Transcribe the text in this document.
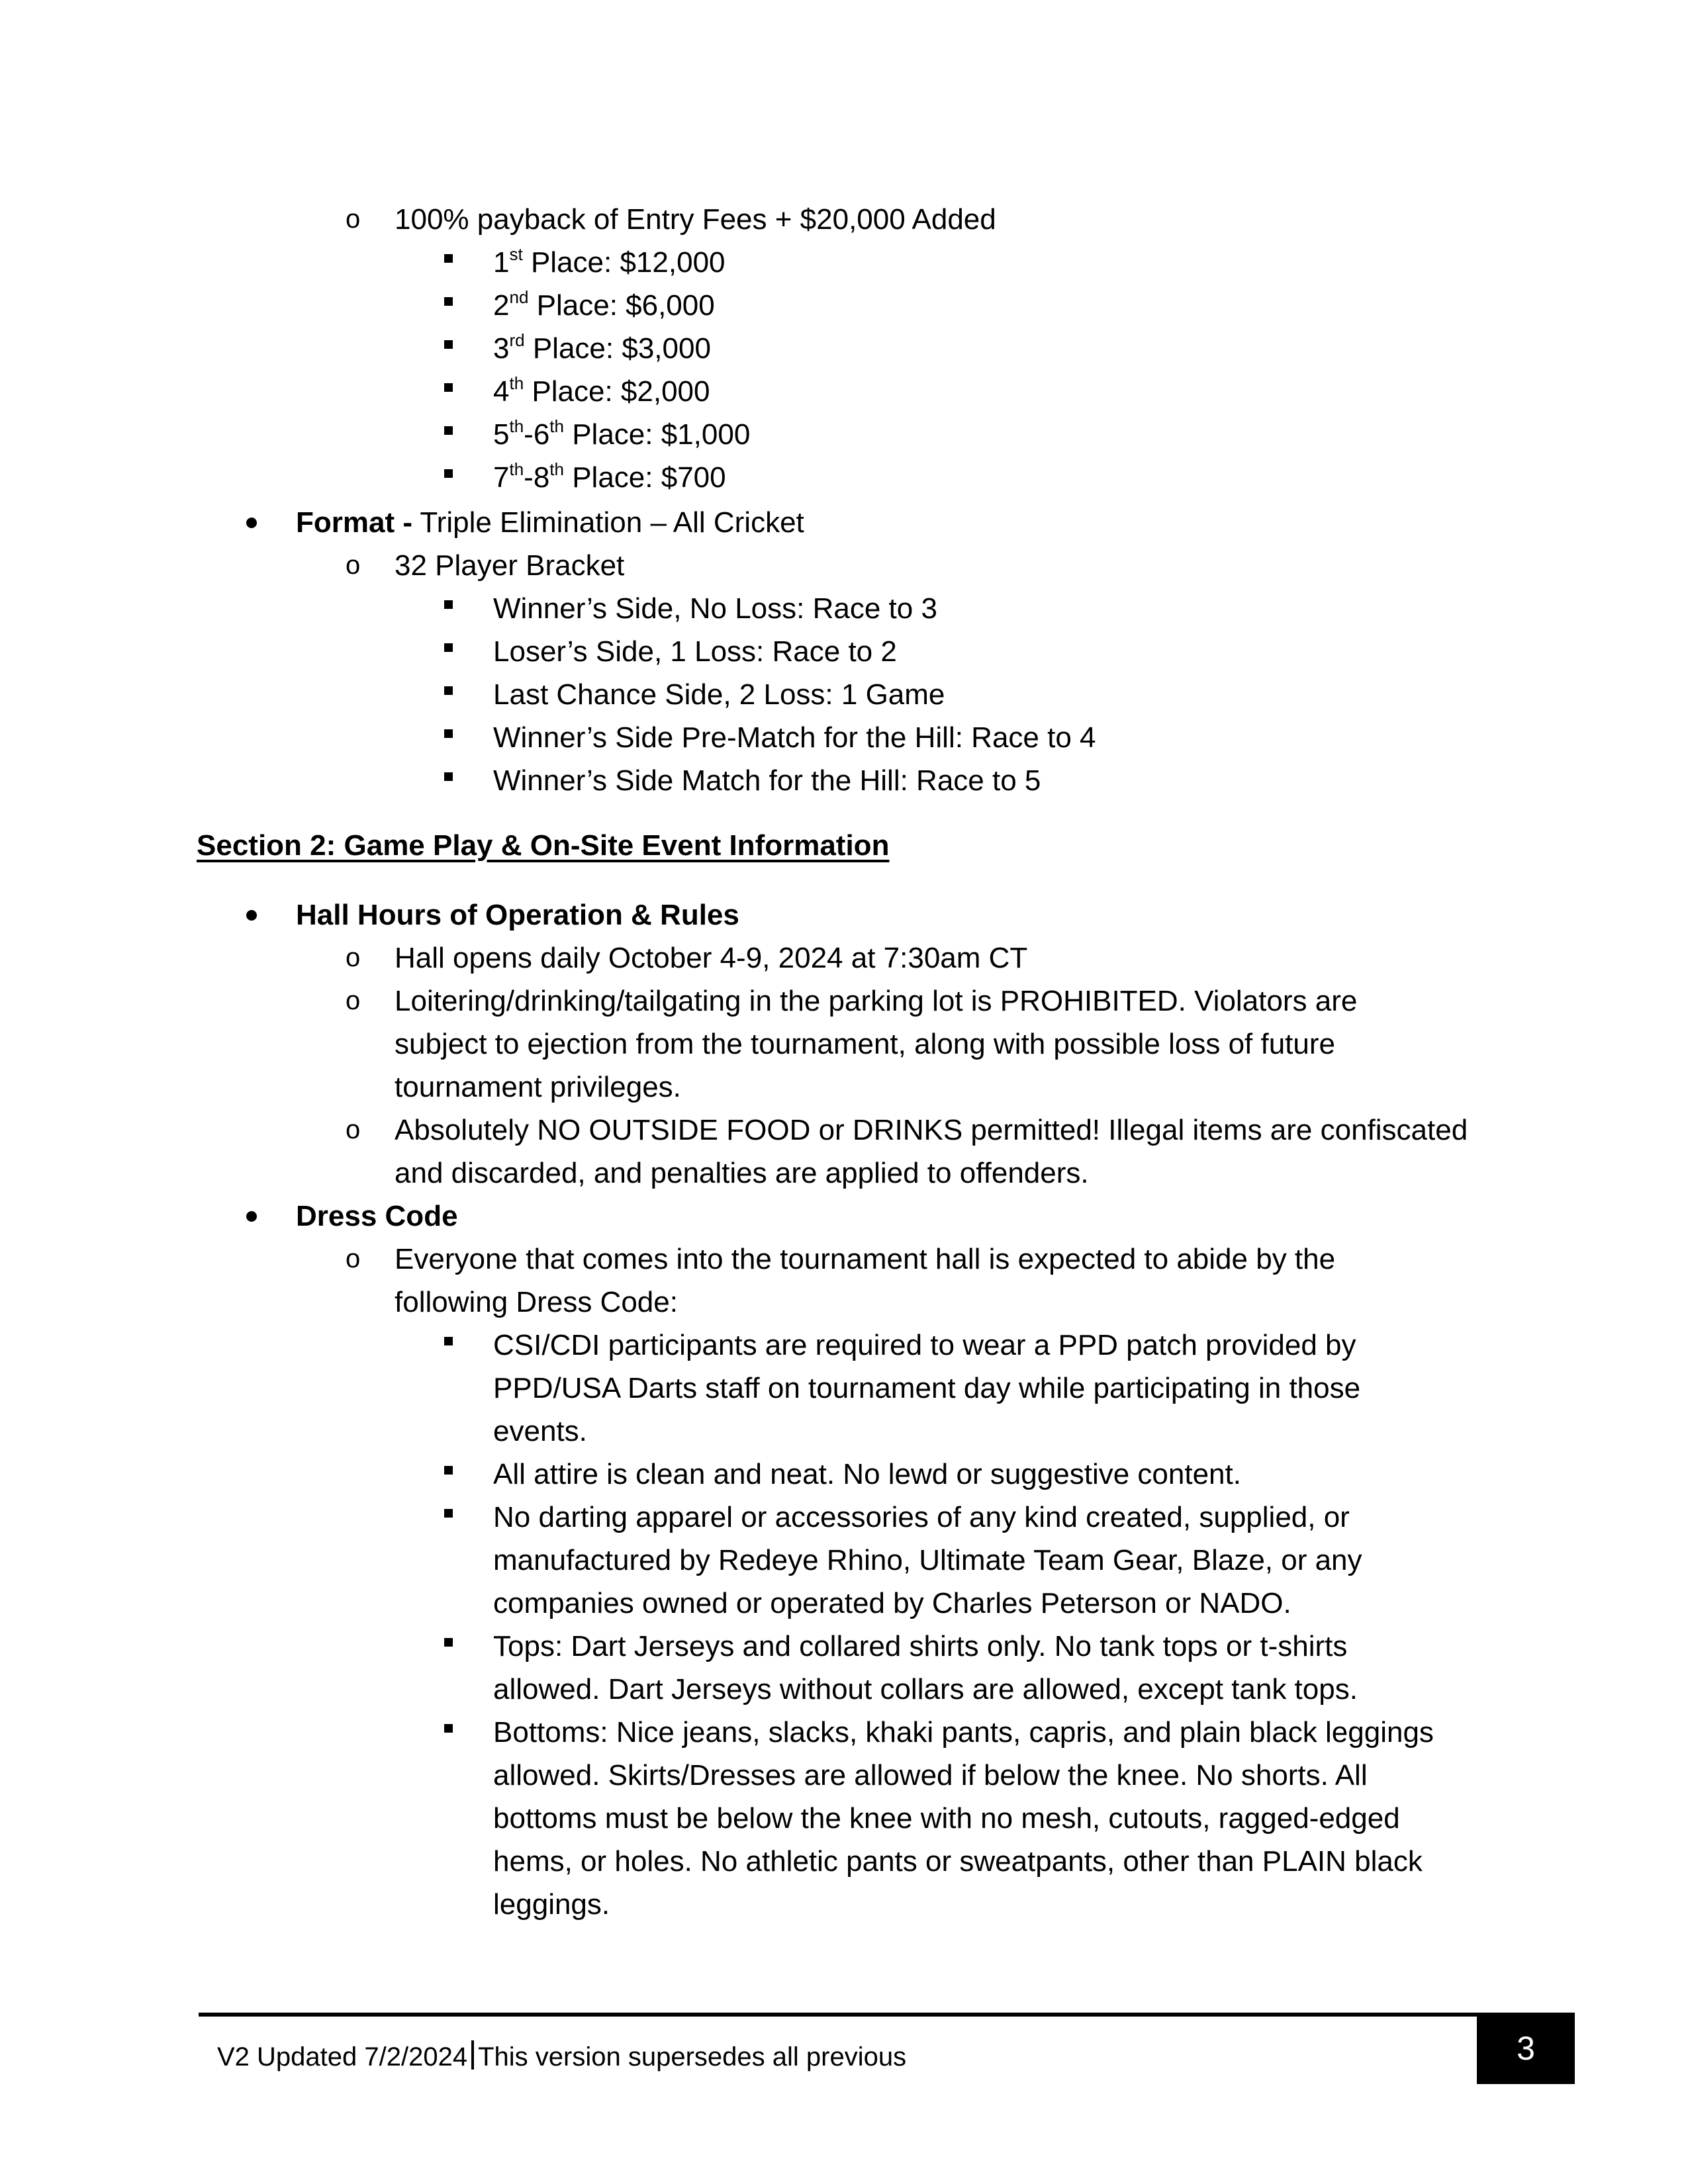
o 100% payback of Entry Fees + $20,000 Added
1st Place: $12,000
2nd Place: $6,000
3rd Place: $3,000
4th Place: $2,000
5th-6th Place: $1,000
7th-8th Place: $700
Format - Triple Elimination – All Cricket
o 32 Player Bracket
Winner’s Side, No Loss: Race to 3
Loser’s Side, 1 Loss: Race to 2
Last Chance Side, 2 Loss: 1 Game
Winner’s Side Pre-Match for the Hill: Race to 4
Winner’s Side Match for the Hill: Race to 5
Section 2: Game Play & On-Site Event Information
Hall Hours of Operation & Rules
o Hall opens daily October 4-9, 2024 at 7:30am CT
o Loitering/drinking/tailgating in the parking lot is PROHIBITED. Violators are
subject to ejection from the tournament, along with possible loss of future
tournament privileges.
o Absolutely NO OUTSIDE FOOD or DRINKS permitted! Illegal items are confiscated
and discarded, and penalties are applied to offenders.
Dress Code
o Everyone that comes into the tournament hall is expected to abide by the
following Dress Code:
CSI/CDI participants are required to wear a PPD patch provided by
PPD/USA Darts staff on tournament day while participating in those
events.
All attire is clean and neat. No lewd or suggestive content.
No darting apparel or accessories of any kind created, supplied, or
manufactured by Redeye Rhino, Ultimate Team Gear, Blaze, or any
companies owned or operated by Charles Peterson or NADO.
Tops: Dart Jerseys and collared shirts only. No tank tops or t-shirts
allowed. Dart Jerseys without collars are allowed, except tank tops.
Bottoms: Nice jeans, slacks, khaki pants, capris, and plain black leggings
allowed. Skirts/Dresses are allowed if below the knee. No shorts. All
bottoms must be below the knee with no mesh, cutouts, ragged-edged
hems, or holes. No athletic pants or sweatpants, other than PLAIN black
leggings.
V2 Updated 7/2/2024 This version supersedes all previous	3
